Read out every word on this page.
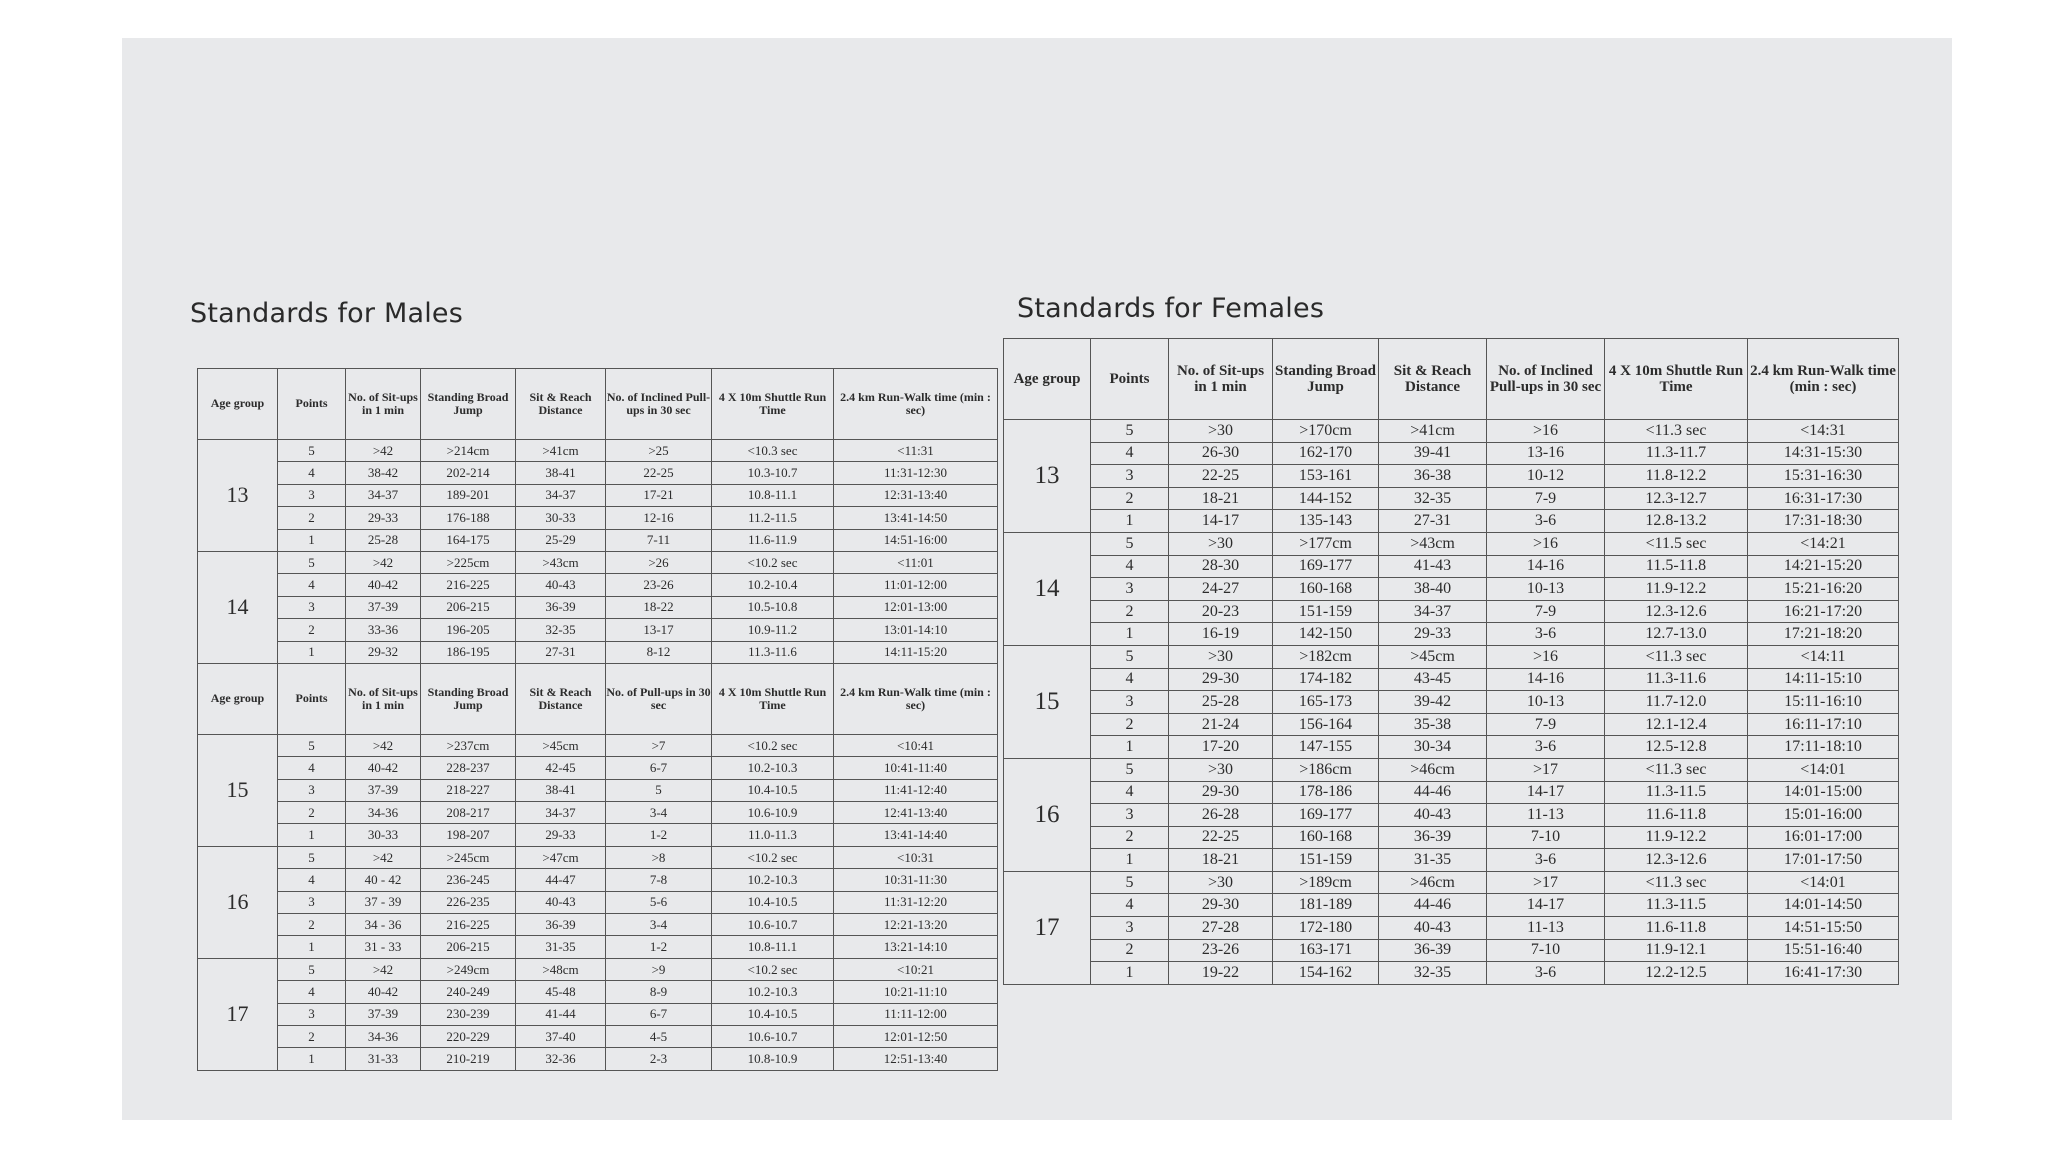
Standards for Males	Standards for Females
Age group	Points	No. of Sit-ups in 1 min	Standing Broad Jump	Sit & Reach Distance	No. of Inclined Pull-ups in 30 sec	4 X 10m Shuttle Run Time	2.4 km Run-Walk time (min : sec)
13	5	>42	>214cm	>41cm	>25	<10.3 sec	<11:31
	4	38-42	202-214	38-41	22-25	10.3-10.7	11:31-12:30
	3	34-37	189-201	34-37	17-21	10.8-11.1	12:31-13:40
	2	29-33	176-188	30-33	12-16	11.2-11.5	13:41-14:50
	1	25-28	164-175	25-29	7-11	11.6-11.9	14:51-16:00
14	5	>42	>225cm	>43cm	>26	<10.2 sec	<11:01
	4	40-42	216-225	40-43	23-26	10.2-10.4	11:01-12:00
	3	37-39	206-215	36-39	18-22	10.5-10.8	12:01-13:00
	2	33-36	196-205	32-35	13-17	10.9-11.2	13:01-14:10
	1	29-32	186-195	27-31	8-12	11.3-11.6	14:11-15:20
Age group	Points	No. of Sit-ups in 1 min	Standing Broad Jump	Sit & Reach Distance	No. of Pull-ups in 30 sec	4 X 10m Shuttle Run Time	2.4 km Run-Walk time (min : sec)
15	5	>42	>237cm	>45cm	>7	<10.2 sec	<10:41
	4	40-42	228-237	42-45	6-7	10.2-10.3	10:41-11:40
	3	37-39	218-227	38-41	5	10.4-10.5	11:41-12:40
	2	34-36	208-217	34-37	3-4	10.6-10.9	12:41-13:40
	1	30-33	198-207	29-33	1-2	11.0-11.3	13:41-14:40
16	5	>42	>245cm	>47cm	>8	<10.2 sec	<10:31
	4	40 - 42	236-245	44-47	7-8	10.2-10.3	10:31-11:30
	3	37 - 39	226-235	40-43	5-6	10.4-10.5	11:31-12:20
	2	34 - 36	216-225	36-39	3-4	10.6-10.7	12:21-13:20
	1	31 - 33	206-215	31-35	1-2	10.8-11.1	13:21-14:10
17	5	>42	>249cm	>48cm	>9	<10.2 sec	<10:21
	4	40-42	240-249	45-48	8-9	10.2-10.3	10:21-11:10
	3	37-39	230-239	41-44	6-7	10.4-10.5	11:11-12:00
	2	34-36	220-229	37-40	4-5	10.6-10.7	12:01-12:50
	1	31-33	210-219	32-36	2-3	10.8-10.9	12:51-13:40
Age group	Points	No. of Sit-ups in 1 min	Standing Broad Jump	Sit & Reach Distance	No. of Inclined Pull-ups in 30 sec	4 X 10m Shuttle Run Time	2.4 km Run-Walk time (min : sec)
13	5	>30	>170cm	>41cm	>16	<11.3 sec	<14:31
	4	26-30	162-170	39-41	13-16	11.3-11.7	14:31-15:30
	3	22-25	153-161	36-38	10-12	11.8-12.2	15:31-16:30
	2	18-21	144-152	32-35	7-9	12.3-12.7	16:31-17:30
	1	14-17	135-143	27-31	3-6	12.8-13.2	17:31-18:30
14	5	>30	>177cm	>43cm	>16	<11.5 sec	<14:21
	4	28-30	169-177	41-43	14-16	11.5-11.8	14:21-15:20
	3	24-27	160-168	38-40	10-13	11.9-12.2	15:21-16:20
	2	20-23	151-159	34-37	7-9	12.3-12.6	16:21-17:20
	1	16-19	142-150	29-33	3-6	12.7-13.0	17:21-18:20
15	5	>30	>182cm	>45cm	>16	<11.3 sec	<14:11
	4	29-30	174-182	43-45	14-16	11.3-11.6	14:11-15:10
	3	25-28	165-173	39-42	10-13	11.7-12.0	15:11-16:10
	2	21-24	156-164	35-38	7-9	12.1-12.4	16:11-17:10
	1	17-20	147-155	30-34	3-6	12.5-12.8	17:11-18:10
16	5	>30	>186cm	>46cm	>17	<11.3 sec	<14:01
	4	29-30	178-186	44-46	14-17	11.3-11.5	14:01-15:00
	3	26-28	169-177	40-43	11-13	11.6-11.8	15:01-16:00
	2	22-25	160-168	36-39	7-10	11.9-12.2	16:01-17:00
	1	18-21	151-159	31-35	3-6	12.3-12.6	17:01-17:50
17	5	>30	>189cm	>46cm	>17	<11.3 sec	<14:01
	4	29-30	181-189	44-46	14-17	11.3-11.5	14:01-14:50
	3	27-28	172-180	40-43	11-13	11.6-11.8	14:51-15:50
	2	23-26	163-171	36-39	7-10	11.9-12.1	15:51-16:40
	1	19-22	154-162	32-35	3-6	12.2-12.5	16:41-17:30
